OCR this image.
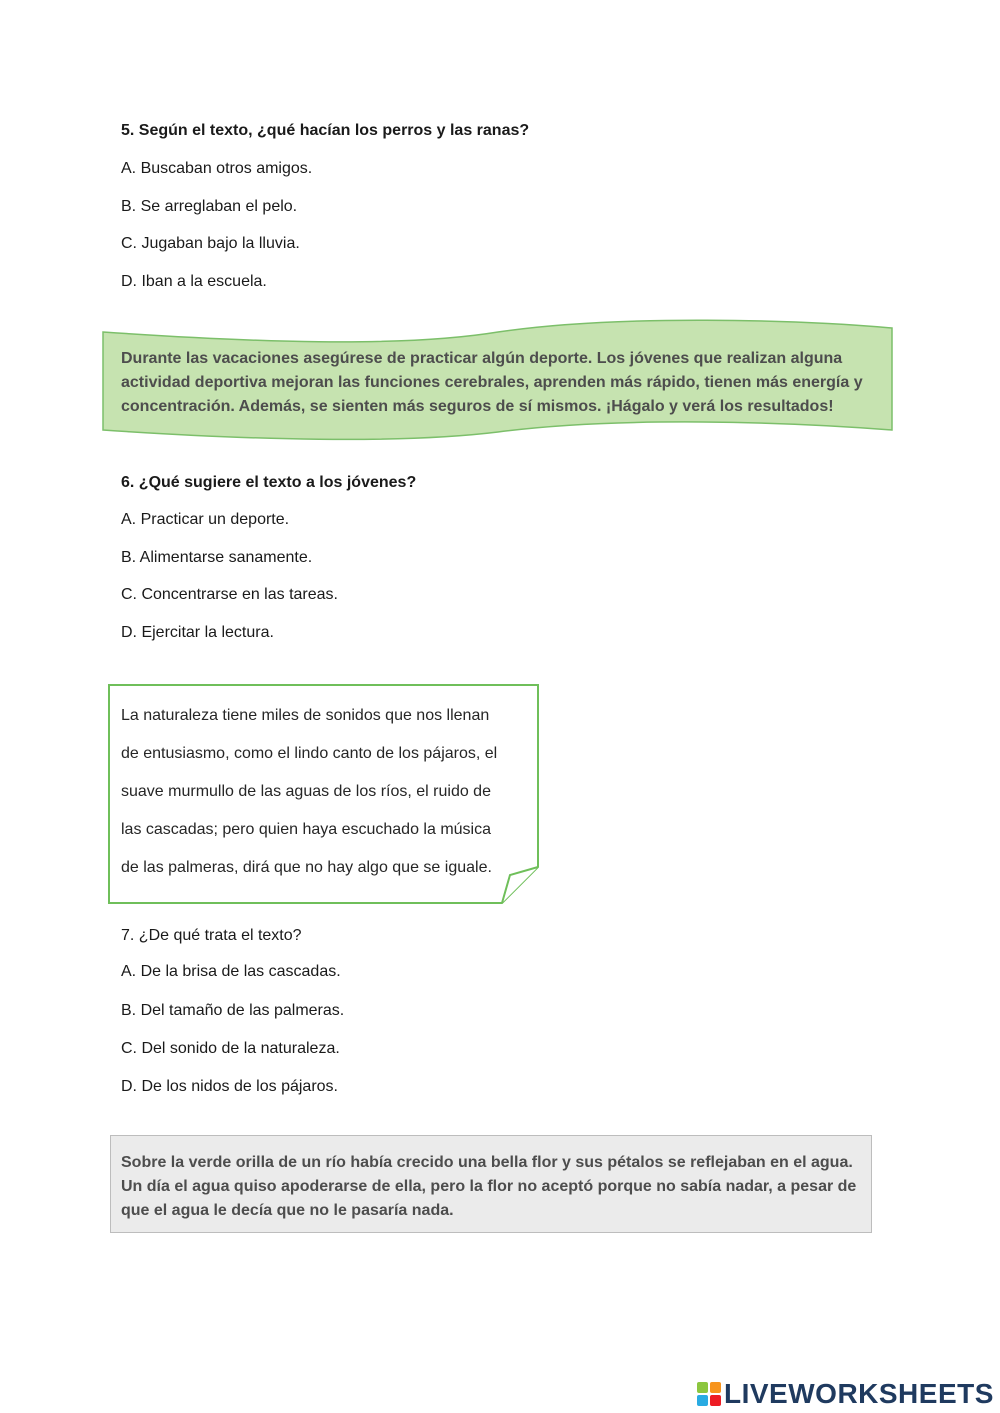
5. Según el texto, ¿qué hacían los perros y las ranas?
A. Buscaban otros amigos.
B. Se arreglaban el pelo.
C. Jugaban bajo la lluvia.
D. Iban a la escuela.
Durante las vacaciones asegúrese de practicar algún deporte. Los jóvenes que realizan alguna actividad deportiva mejoran las funciones cerebrales, aprenden más rápido, tienen más energía y concentración. Además, se sienten más seguros de sí mismos. ¡Hágalo y verá los resultados!
6. ¿Qué sugiere el texto a los jóvenes?
A. Practicar un deporte.
B. Alimentarse sanamente.
C. Concentrarse en las tareas.
D. Ejercitar la lectura.
La naturaleza tiene miles de sonidos que nos llenan
de entusiasmo, como el lindo canto de los pájaros, el
suave murmullo de las aguas de los ríos, el ruido de
las cascadas; pero quien haya escuchado la música
de las palmeras, dirá que no hay algo que se iguale.
7. ¿De qué trata el texto?
A. De la brisa de las cascadas.
B. Del tamaño de las palmeras.
C. Del sonido de la naturaleza.
D. De los nidos de los pájaros.
Sobre la verde orilla de un río había crecido una bella flor y sus pétalos se reflejaban en el agua. Un día el agua quiso apoderarse de ella, pero la flor no aceptó porque no sabía nadar, a pesar de que el agua le decía que no le pasaría nada.
LIVEWORKSHEETS
